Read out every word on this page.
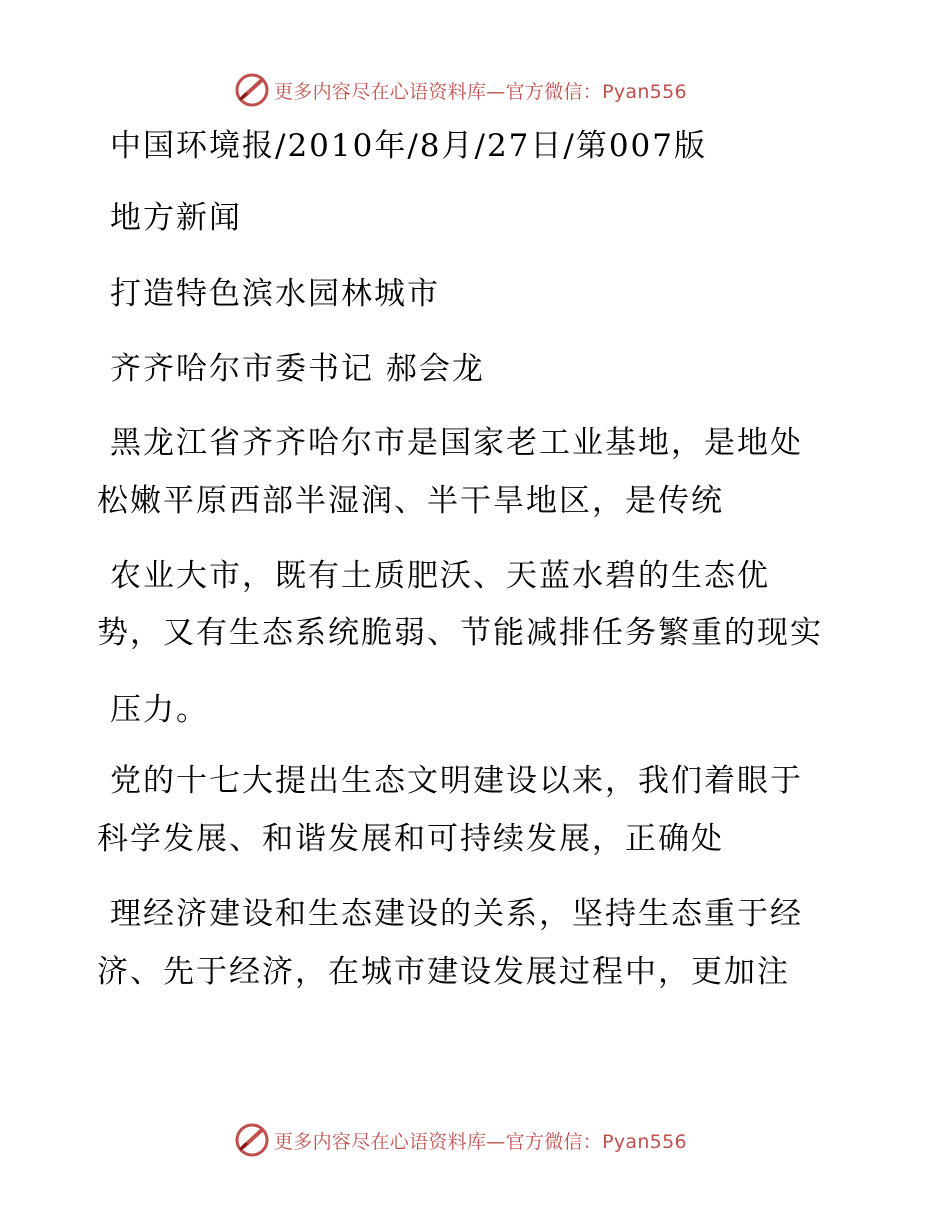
更多内容尽在心语资料库—官方微信：Pyan556
中国环境报/2010年/8月/27日/第007版
地方新闻
打造特色滨水园林城市
齐齐哈尔市委书记 郝会龙
黑龙江省齐齐哈尔市是国家老工业基地，是地处
松嫩平原西部半湿润、半干旱地区，是传统
农业大市，既有土质肥沃、天蓝水碧的生态优
势，又有生态系统脆弱、节能减排任务繁重的现实
压力。
党的十七大提出生态文明建设以来，我们着眼于
科学发展、和谐发展和可持续发展，正确处
理经济建设和生态建设的关系，坚持生态重于经
济、先于经济，在城市建设发展过程中，更加注
更多内容尽在心语资料库—官方微信：Pyan556
